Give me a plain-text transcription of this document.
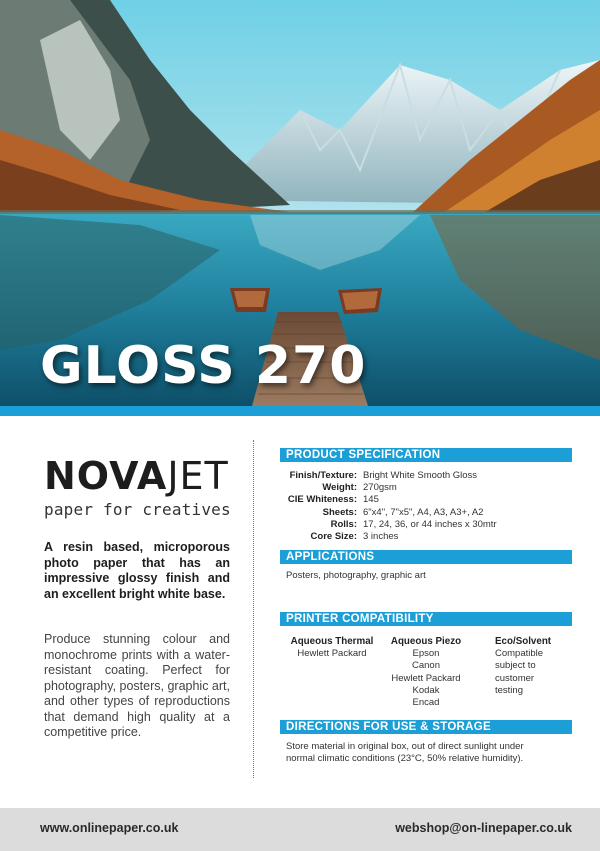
GLOSS 270
NOVAJET
paper for creatives

A resin based, microporous photo paper that has an impressive glossy finish and an excellent bright white base.

Produce stunning colour and monochrome prints with a water-resistant coating. Perfect for photography, posters, graphic art, and other types of reproductions that demand high quality at a competitive price.

PRODUCT SPECIFICATION
Finish/Texture: Bright White Smooth Gloss
Weight: 270gsm
CIE Whiteness: 145
Sheets: 6"x4", 7"x5", A4, A3, A3+, A2
Rolls: 17, 24, 36, or 44 inches x 30mtr
Core Size: 3 inches
APPLICATIONS

Posters, photography, graphic art

PRINTER COMPATIBILITY
Aqueous Thermal
Hewlett Packard
Aqueous Piezo
Epson
Canon
Hewlett Packard
Kodak
Encad
Eco/Solvent
Compatible
subject to
customer
testing
DIRECTIONS FOR USE & STORAGE

Store material in original box, out of direct sunlight under

normal climatic conditions (23°C, 50% relative humidity).

www.onlinepaper.co.uk	webshop@on-linepaper.co.uk
